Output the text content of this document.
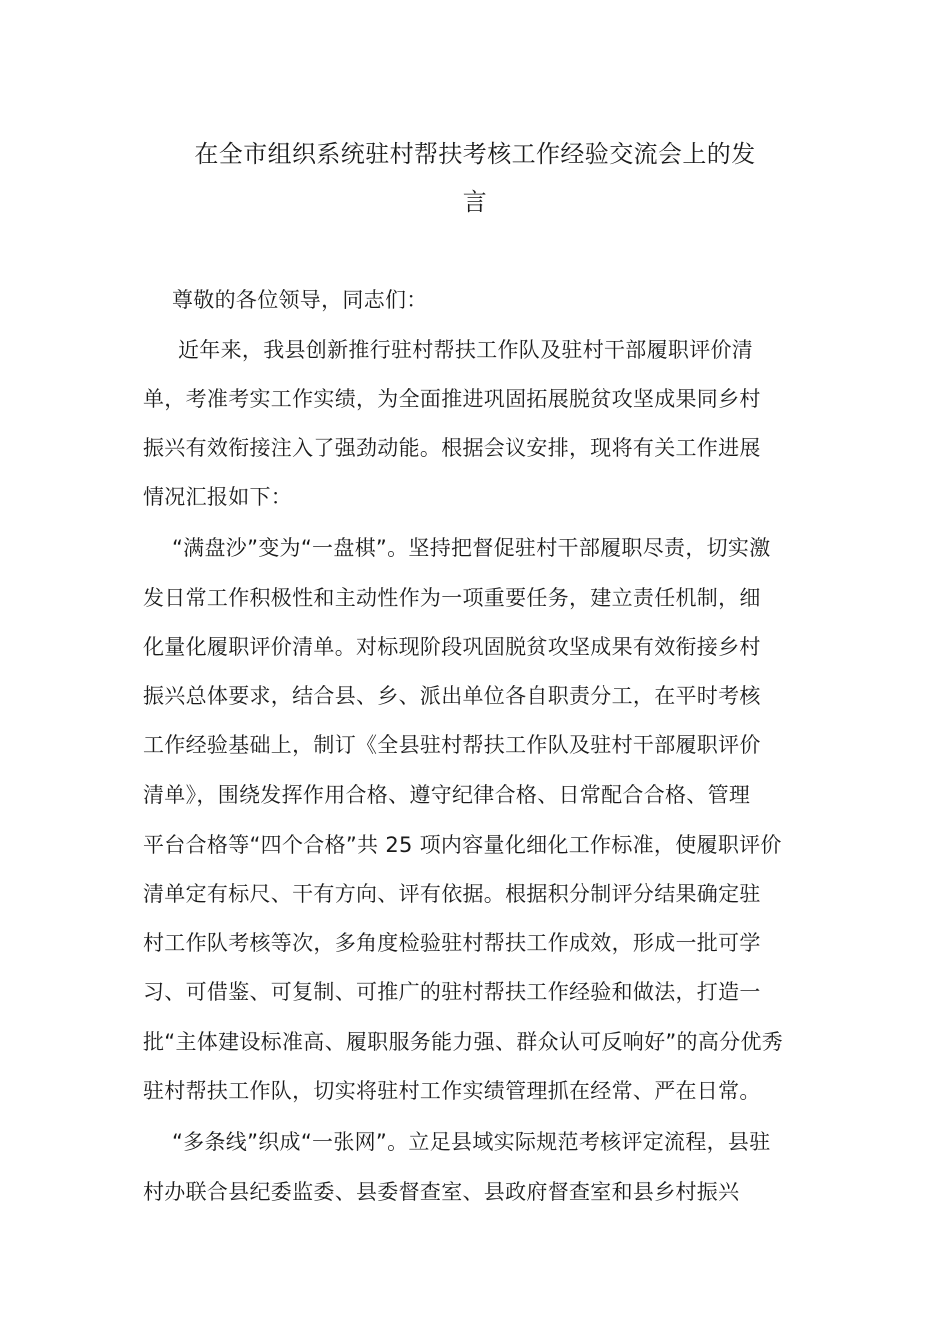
在全市组织系统驻村帮扶考核工作经验交流会上的发
言
尊敬的各位领导，同志们：
近年来，我县创新推行驻村帮扶工作队及驻村干部履职评价清
单，考准考实工作实绩，为全面推进巩固拓展脱贫攻坚成果同乡村
振兴有效衔接注入了强劲动能。根据会议安排，现将有关工作进展
情况汇报如下：
“满盘沙”变为“一盘棋”。坚持把督促驻村干部履职尽责，切实激
发日常工作积极性和主动性作为一项重要任务，建立责任机制，细
化量化履职评价清单。对标现阶段巩固脱贫攻坚成果有效衔接乡村
振兴总体要求，结合县、乡、派出单位各自职责分工，在平时考核
工作经验基础上，制订《全县驻村帮扶工作队及驻村干部履职评价
清单》，围绕发挥作用合格、遵守纪律合格、日常配合合格、管理
平台合格等“四个合格”共 25 项内容量化细化工作标准，使履职评价
清单定有标尺、干有方向、评有依据。根据积分制评分结果确定驻
村工作队考核等次，多角度检验驻村帮扶工作成效，形成一批可学
习、可借鉴、可复制、可推广的驻村帮扶工作经验和做法，打造一
批“主体建设标准高、履职服务能力强、群众认可反响好”的高分优秀
驻村帮扶工作队，切实将驻村工作实绩管理抓在经常、严在日常。
“多条线”织成“一张网”。立足县域实际规范考核评定流程，县驻
村办联合县纪委监委、县委督查室、县政府督查室和县乡村振兴
